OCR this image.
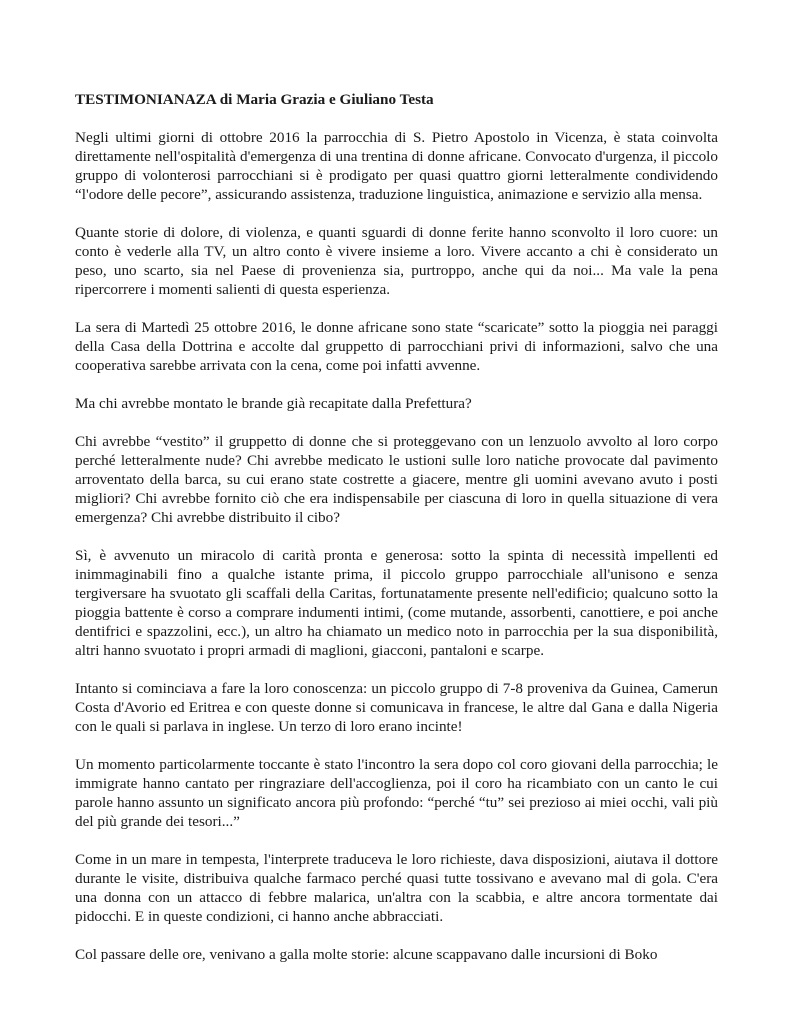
TESTIMONIANAZA di Maria Grazia e Giuliano Testa

Negli ultimi giorni di ottobre 2016 la parrocchia di S. Pietro Apostolo in Vicenza, è stata coinvolta direttamente nell'ospitalità d'emergenza di una trentina di donne africane. Convocato d'urgenza, il piccolo gruppo di volonterosi parrocchiani si è prodigato per quasi quattro giorni letteralmente condividendo “l'odore delle pecore”, assicurando assistenza, traduzione linguistica, animazione e servizio alla mensa.

Quante storie di dolore, di violenza, e quanti sguardi di donne ferite hanno sconvolto il loro cuore: un conto è vederle alla TV, un altro conto è vivere insieme a loro. Vivere accanto a chi è considerato un peso, uno scarto, sia nel Paese di provenienza sia, purtroppo, anche qui da noi... Ma vale la pena ripercorrere i momenti salienti di questa esperienza.

La sera di Martedì 25 ottobre 2016, le donne africane sono state “scaricate” sotto la pioggia nei paraggi della Casa della Dottrina e accolte dal gruppetto di parrocchiani privi di informazioni, salvo che una cooperativa sarebbe arrivata con la cena, come poi infatti avvenne.

Ma chi avrebbe montato le brande già recapitate dalla Prefettura?

Chi avrebbe “vestito” il gruppetto di donne che si proteggevano con un lenzuolo avvolto al loro corpo perché letteralmente nude? Chi avrebbe medicato le ustioni sulle loro natiche provocate dal pavimento arroventato della barca, su cui erano state costrette a giacere, mentre gli uomini avevano avuto i posti migliori? Chi avrebbe fornito ciò che era indispensabile per ciascuna di loro in quella situazione di vera emergenza? Chi avrebbe distribuito il cibo?

Sì, è avvenuto un miracolo di carità pronta e generosa: sotto la spinta di necessità impellenti ed inimmaginabili fino a qualche istante prima, il piccolo gruppo parrocchiale all'unisono e senza tergiversare ha svuotato gli scaffali della Caritas, fortunatamente presente nell'edificio; qualcuno sotto la pioggia battente è corso a comprare indumenti intimi, (come mutande, assorbenti, canottiere, e poi anche dentifrici e spazzolini, ecc.), un altro ha chiamato un medico noto in parrocchia per la sua disponibilità, altri hanno svuotato i propri armadi di maglioni, giacconi, pantaloni e scarpe.

Intanto si cominciava a fare la loro conoscenza: un piccolo gruppo di 7-8 proveniva da Guinea, Camerun Costa d'Avorio ed Eritrea e con queste donne si comunicava in francese, le altre dal Gana e dalla Nigeria con le quali si parlava in inglese. Un terzo di loro erano incinte!

Un momento particolarmente toccante è stato l'incontro la sera dopo col coro giovani della parrocchia; le immigrate hanno cantato per ringraziare dell'accoglienza, poi il coro ha ricambiato con un canto le cui parole hanno assunto un significato ancora più profondo: “perché “tu” sei prezioso ai miei occhi, vali più del più grande dei tesori...”

Come in un mare in tempesta, l'interprete traduceva le loro richieste, dava disposizioni, aiutava il dottore durante le visite, distribuiva qualche farmaco perché quasi tutte tossivano e avevano mal di gola. C'era una donna con un attacco di febbre malarica, un'altra con la scabbia, e altre ancora tormentate dai pidocchi. E in queste condizioni, ci hanno anche abbracciati.

Col passare delle ore, venivano a galla molte storie: alcune scappavano dalle incursioni di Boko
